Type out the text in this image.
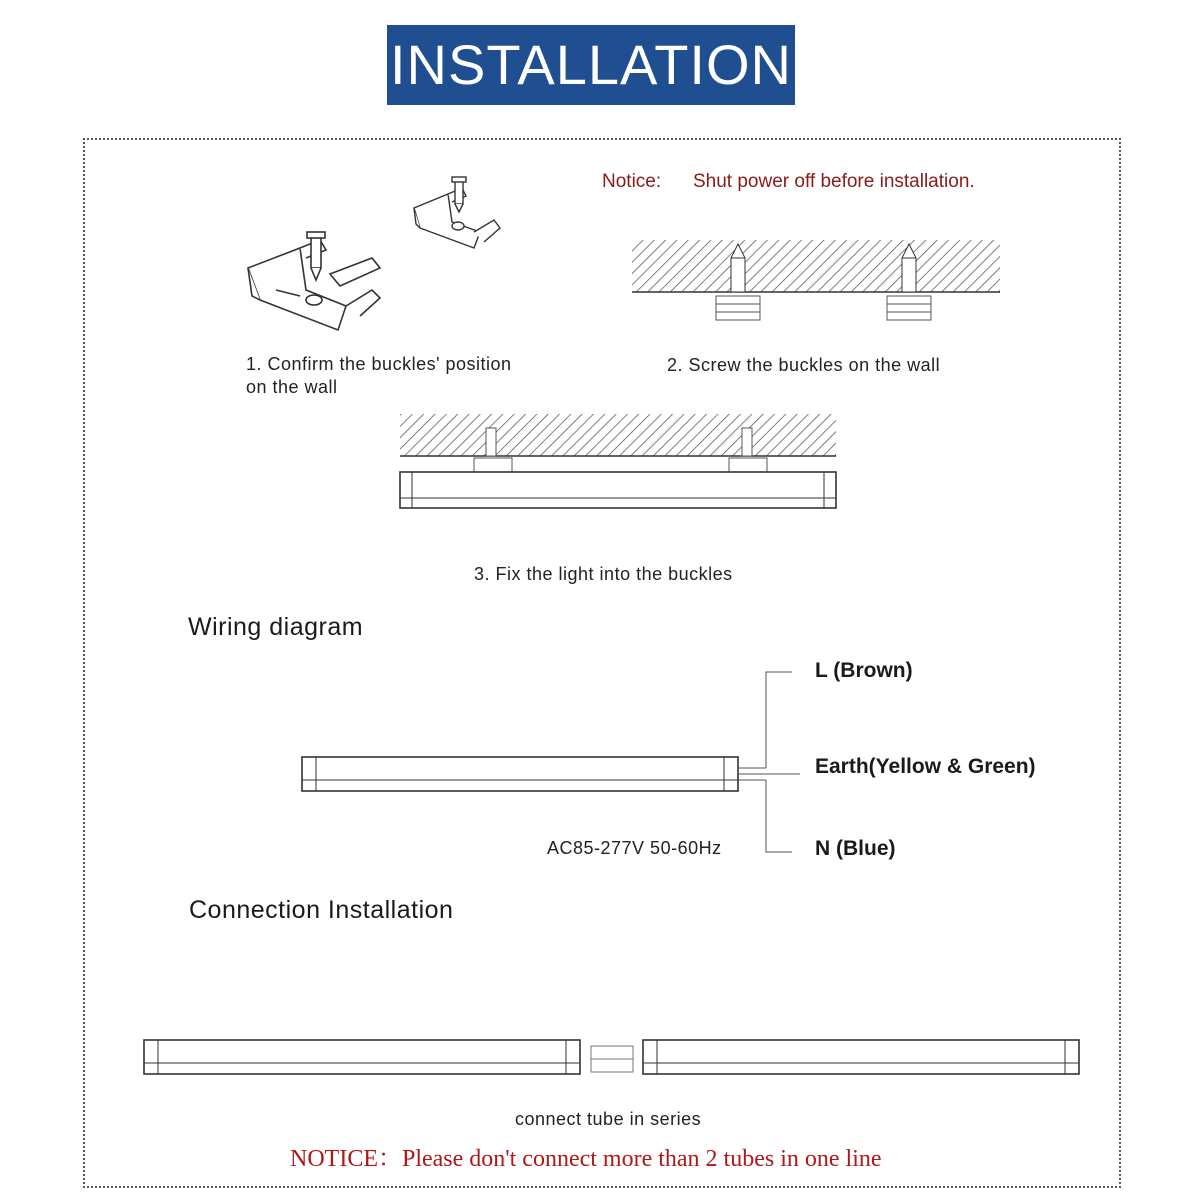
INSTALLATION
Notice: Shut power off before installation.
1. Confirm the buckles' position
on the wall
2. Screw the buckles on the wall
3. Fix the light into the buckles
Wiring diagram
L (Brown)
Earth(Yellow & Green)
N (Blue)
AC85-277V 50-60Hz
Connection Installation
connect tube in series
NOTICE：Please don't connect more than 2 tubes in one line
